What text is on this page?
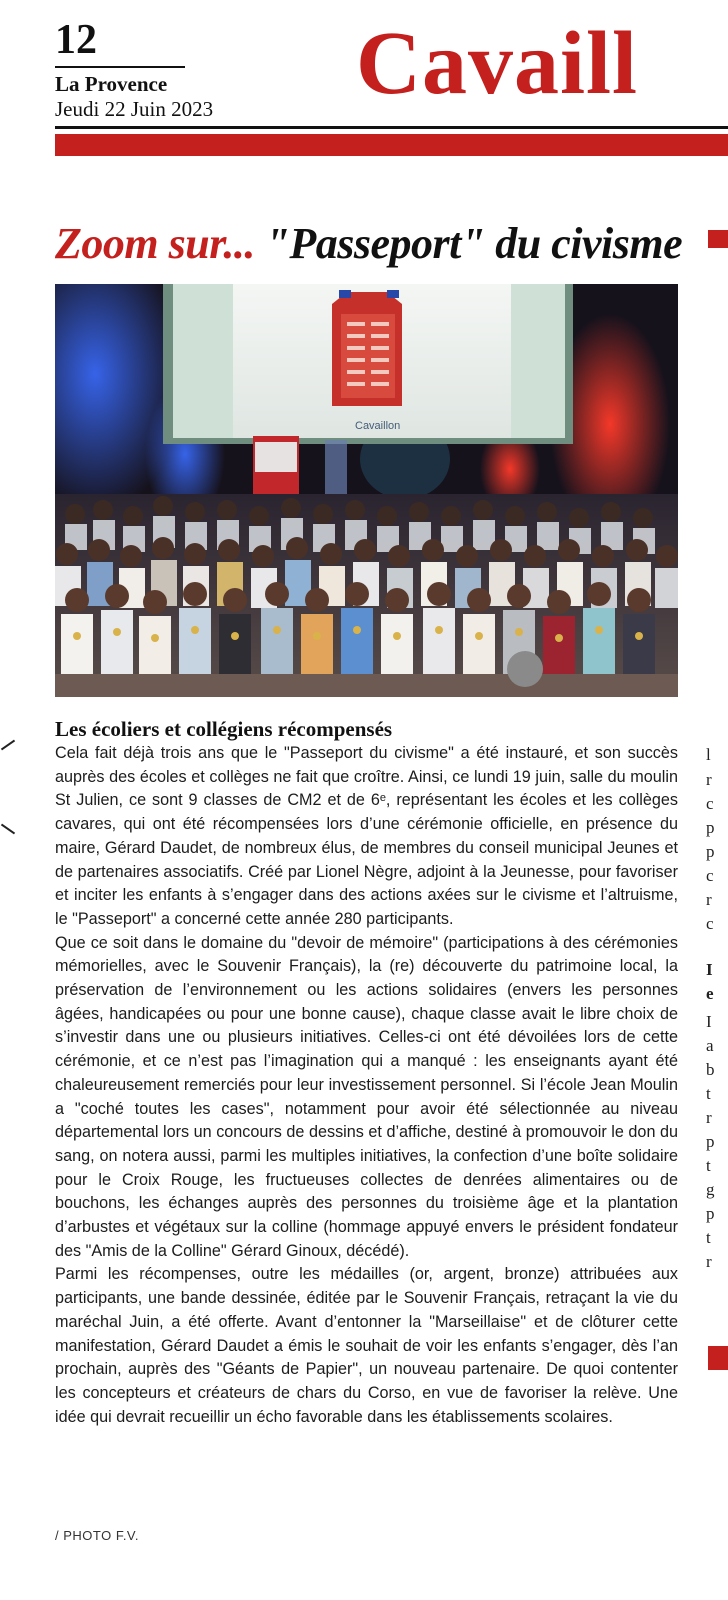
12
La Provence
Jeudi 22 Juin 2023 Cavaill
Zoom sur... "Passeport" du civisme
Cavaillon
Les écoliers et collégiens récompensés

Cela fait déjà trois ans que le "Passeport du civisme" a été instauré, et son succès auprès des écoles et collèges ne fait que croître. Ainsi, ce lundi 19 juin, salle du moulin St Julien, ce sont 9 classes de CM2 et de 6ᵉ, représentant les écoles et les collèges cavares, qui ont été récompensées lors d’une cérémonie officielle, en présence du maire, Gérard Daudet, de nombreux élus, de membres du conseil municipal Jeunes et de partenaires associatifs. Créé par Lionel Nègre, adjoint à la Jeunesse, pour favoriser et inciter les enfants à s’engager dans des actions axées sur le civisme et l’altruisme, le "Passeport" a concerné cette année 280 participants.

Que ce soit dans le domaine du "devoir de mémoire" (participations à des cérémonies mémorielles, avec le Souvenir Français), la (re) découverte du patrimoine local, la préservation de l’environnement ou les actions solidaires (envers les personnes âgées, handicapées ou pour une bonne cause), chaque classe avait le libre choix de s’investir dans une ou plusieurs initiatives. Celles-ci ont été dévoilées lors de cette cérémonie, et ce n’est pas l’imagination qui a manqué : les enseignants ayant été chaleureusement remerciés pour leur investissement personnel. Si l’école Jean Moulin a "coché toutes les cases", notamment pour avoir été sélectionnée au niveau départemental lors un concours de dessins et d’affiche, destiné à promouvoir le don du sang, on notera aussi, parmi les multiples initiatives, la confection d’une boîte solidaire pour le Croix Rouge, les fructueuses collectes de denrées alimentaires ou de bouchons, les échanges auprès des personnes du troisième âge et la plantation d’arbustes et végétaux sur la colline (hommage appuyé envers le président fondateur des "Amis de la Colline" Gérard Ginoux, décédé).

Parmi les récompenses, outre les médailles (or, argent, bronze) attribuées aux participants, une bande dessinée, éditée par le Souvenir Français, retraçant la vie du maréchal Juin, a été offerte. Avant d’entonner la "Marseillaise" et de clôturer cette manifestation, Gérard Daudet a émis le souhait de voir les enfants s’engager, dès l’an prochain, auprès des "Géants de Papier", un nouveau partenaire. De quoi contenter les concepteurs et créateurs de chars du Corso, en vue de favoriser la relève. Une idée qui devrait recueillir un écho favorable dans les établissements scolaires.

/ PHOTO F.V.
l
r
c
p
p
c
r
c
I
e
I
a
b
t
r
p
t
g
p
t
r
